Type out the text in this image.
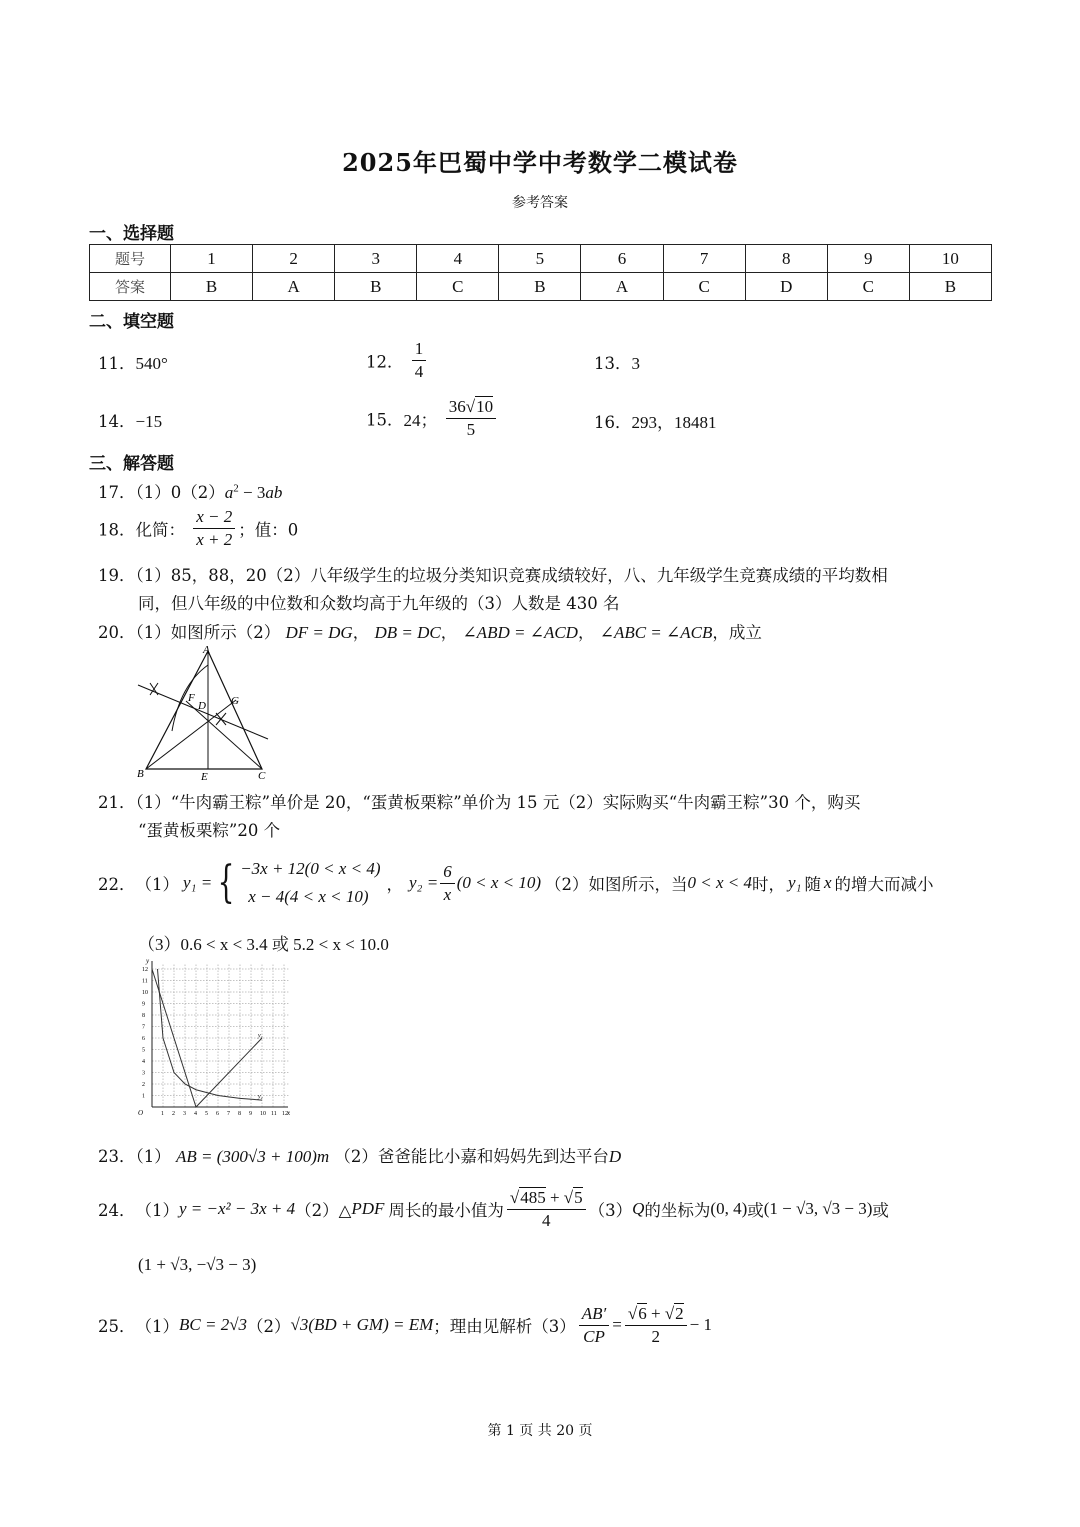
2025年巴蜀中学中考数学二模试卷
参考答案
一、选择题
题号	1	2	3	4	5	6	7	8	9	10
答案	B	A	B	C	B	A	C	D	C	B
二、填空题
11．540°	12． $\frac{1}{4}$	13．3
14．−15	15．24； $\frac{36√10}{5}$	16．293，18481
三、解答题
17．$(1)0(2)a^2 - 3ab$
18．化简： $\frac{x - 2}{x + 2}$ ；值：0
19．（1）85，88，20（2）八年级学生的垃圾分类知识竞赛成绩较好，八、九年级学生竞赛成绩的平均数相
同，但八年级的中位数和众数均高于九年级的（3）人数是 430 名
20．（1）如图所示（2） DF = DG， DB = DC， ∠ABD = ∠ACD， ∠ABC = ∠ACB，成立
A
B	C
D
E
F	G
21．（1）“牛肉霸王粽”单价是 20，“蛋黄板栗粽”单价为 15 元（2）实际购买“牛肉霸王粽”30 个，购买
“蛋黄板栗粽”20 个
22． （1） y₁ = { −3x + 12(0 < x < 4)
x − 4(4 < x < 10)
， $y_2 = \frac{6}{x} (0 < x < 10)$ （2）如图所示，当 0 < x < 4 时， y₁ 随 x 的增大而减小
（3）0.6 < x < 3.4 或 5.2 < x < 10.0
y
x
O	1 2 3 4 5 6 7 8 9 10 11 12
1
2
3
4
5
6
7
8
9
10
11
12
y₁
y₂
23．（1） AB = (300√3 + 100)m （2）爸爸能比小嘉和妈妈先到达平台D
24． （1） y = −x² − 3x + 4 （2）△ PDF 周长的最小值为 $\frac{√485 + √5}{4} (3)$ Q 的坐标为 (0, 4) 或 (1 − √3, √3 − 3) 或
(1 + √3, −√3 − 3)
25． （1） BC = 2√3 （2） √3(BD + GM) = EM ；理由见解析$(3) \frac{AB'}{CP} = \frac{√6 + √2}{2} - 1$
第 1 页 共 20 页
